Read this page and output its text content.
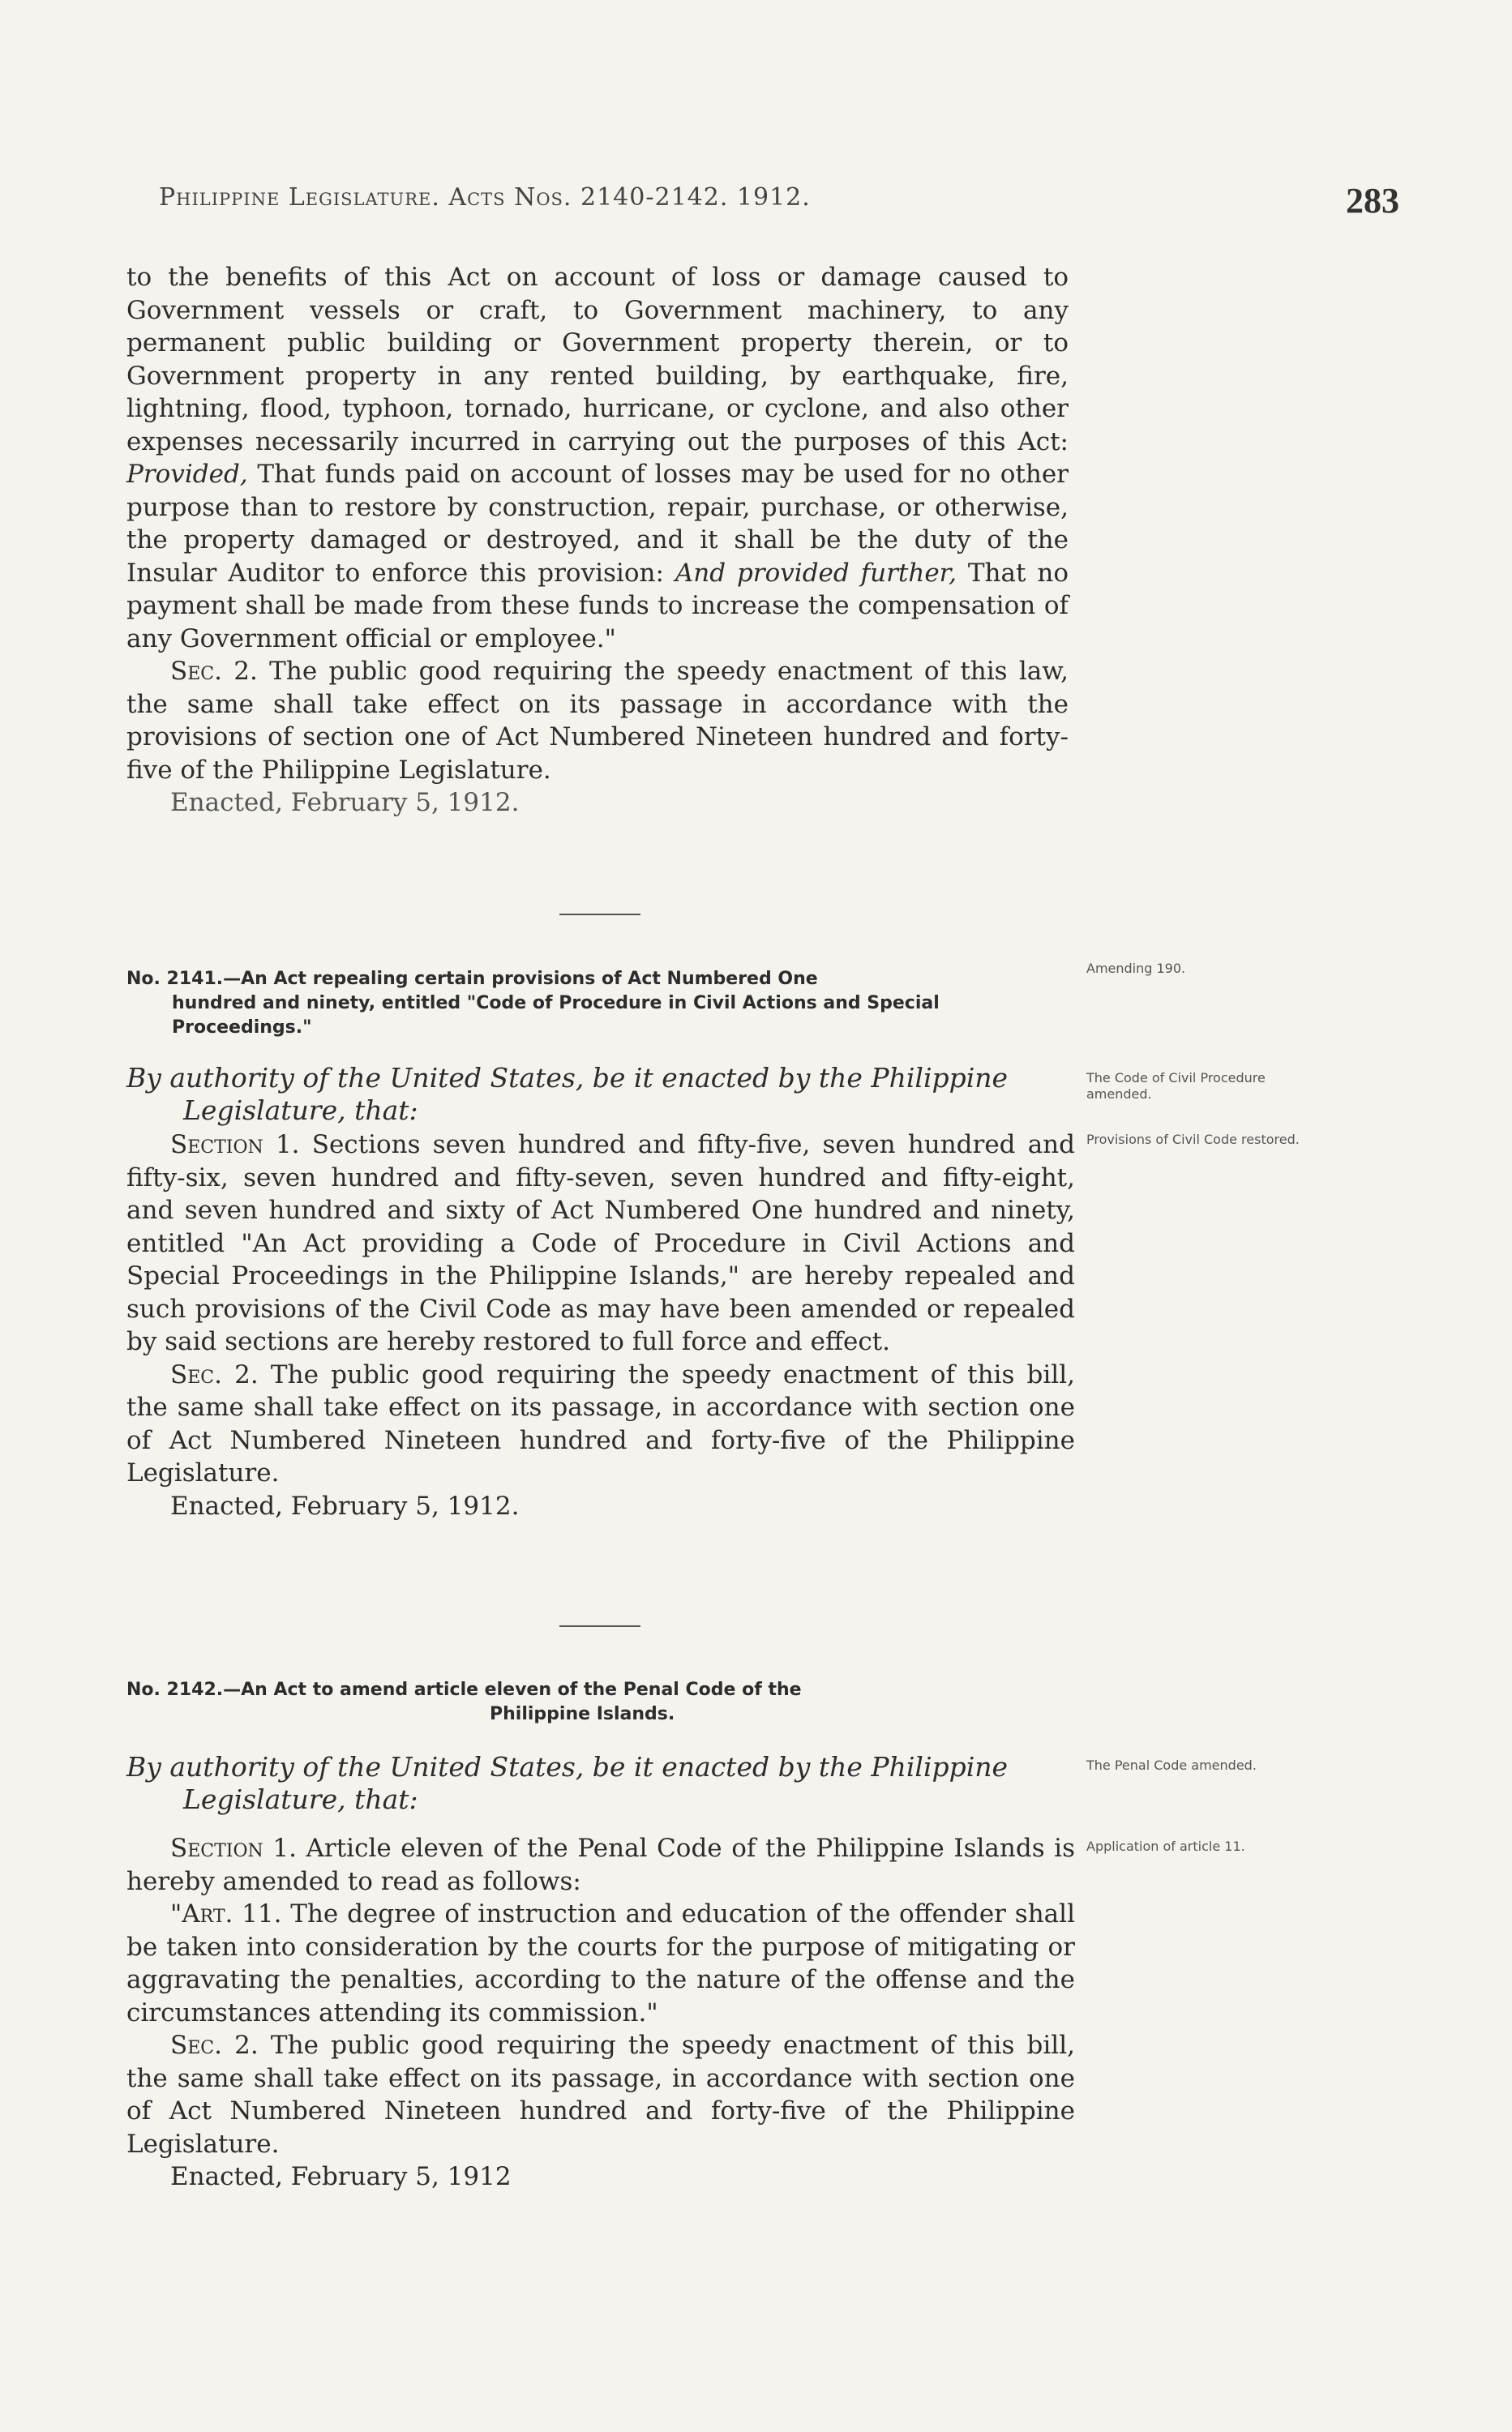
Philippine Legislature. Acts Nos. 2140-2142. 1912.	283

to the benefits of this Act on account of loss or damage caused to Government vessels or craft, to Government machinery, to any permanent public building or Government property therein, or to Government property in any rented building, by earthquake, fire, lightning, flood, typhoon, tornado, hurricane, or cyclone, and also other expenses necessarily incurred in carrying out the purposes of this Act: Provided, That funds paid on account of losses may be used for no other purpose than to restore by construction, repair, purchase, or otherwise, the property damaged or destroyed, and it shall be the duty of the Insular Auditor to enforce this provision: And provided further, That no payment shall be made from these funds to increase the compensation of any Government official or employee."

Sec. 2. The public good requiring the speedy enactment of this law, the same shall take effect on its passage in accordance with the provisions of section one of Act Numbered Nineteen hundred and forty-five of the Philippine Legislature.

Enacted, February 5, 1912.

No. 2141.—An Act repealing certain provisions of Act Numbered One
hundred and ninety, entitled "Code of Procedure in Civil Actions and Special Proceedings."
Amending 190.
By authority of the United States, be it enacted by the Philippine
Legislature, that:
The Code of Civil Procedure amended.
Provisions of Civil Code restored.

Section 1. Sections seven hundred and fifty-five, seven hundred and fifty-six, seven hundred and fifty-seven, seven hundred and fifty-eight, and seven hundred and sixty of Act Numbered One hundred and ninety, entitled "An Act providing a Code of Procedure in Civil Actions and Special Proceedings in the Philippine Islands," are hereby repealed and such provisions of the Civil Code as may have been amended or repealed by said sections are hereby restored to full force and effect.

Sec. 2. The public good requiring the speedy enactment of this bill, the same shall take effect on its passage, in accordance with section one of Act Numbered Nineteen hundred and forty-five of the Philippine Legislature.

Enacted, February 5, 1912.

No. 2142.—An Act to amend article eleven of the Penal Code of the
Philippine Islands.
By authority of the United States, be it enacted by the Philippine
Legislature, that:
The Penal Code amended.
Application of article 11.

Section 1. Article eleven of the Penal Code of the Philippine Islands is hereby amended to read as follows:

"Art. 11. The degree of instruction and education of the offender shall be taken into consideration by the courts for the purpose of mitigating or aggravating the penalties, according to the nature of the offense and the circumstances attending its commission."

Sec. 2. The public good requiring the speedy enactment of this bill, the same shall take effect on its passage, in accordance with section one of Act Numbered Nineteen hundred and forty-five of the Philippine Legislature.

Enacted, February 5, 1912
